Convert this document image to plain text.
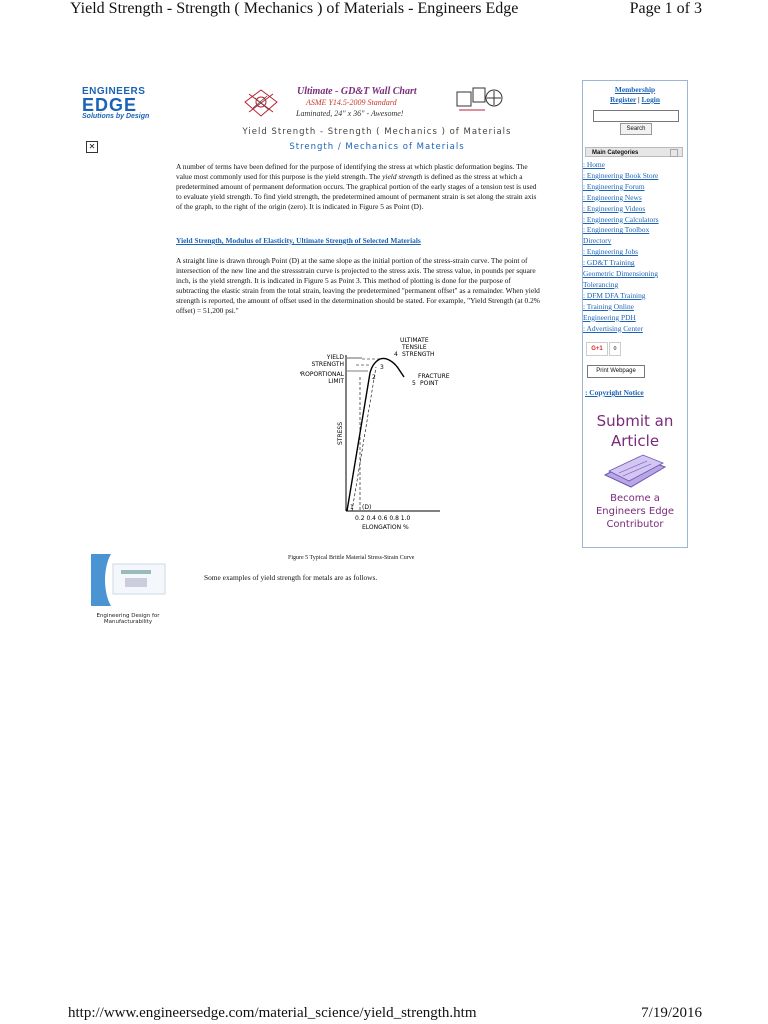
Yield Strength - Strength ( Mechanics ) of Materials - Engineers Edge	Page 1 of 3
ENGINEERS
EDGE
Solutions by Design
✕
Ultimate - GD&T Wall Chart
ASME Y14.5-2009 Standard
Laminated, 24" x 36" - Awesome!
Yield Strength - Strength ( Mechanics ) of Materials
Strength / Mechanics of Materials
A number of terms have been defined for the purpose of identifying the stress at which plastic deformation begins. The value most commonly used for this purpose is the yield strength. The yield strength is defined as the stress at which a predetermined amount of permanent deformation occurs. The graphical portion of the early stages of a tension test is used to evaluate yield strength. To find yield strength, the predetermined amount of permanent strain is set along the strain axis of the graph, to the right of the origin (zero). It is indicated in Figure 5 as Point (D).
Yield Strength, Modulus of Elasticity, Ultimate Strength of Selected Materials
A straight line is drawn through Point (D) at the same slope as the initial portion of the stress-strain curve. The point of intersection of the new line and the stressstrain curve is projected to the stress axis. The stress value, in pounds per square inch, is the yield strength. It is indicated in Figure 5 as Point 3. This method of plotting is done for the purpose of subtracting the elastic strain from the total strain, leaving the predetermined "permanent offset" as a remainder. When yield strength is reported, the amount of offset used in the determination should be stated. For example, "Yield Strength (at 0.2% offset) = 51,200 psi."
YIELD
STRENGTH
PROPORTIONAL
LIMIT
ULTIMATE
TENSILE
STRENGTH
FRACTURE
POINT
STRESS
1
2
3
4
5
(D)
0.2 0.4 0.6 0.8 1.0
ELONGATION %
Figure 5 Typical Brittle Material Stress-Strain Curve
Engineering Design for
Manufacturability
Some examples of yield strength for metals are as follows.
Membership
Register | Login
Search
Main Categories
: Home
: Engineering Book Store
: Engineering Forum
: Engineering News
: Engineering Videos
: Engineering Calculators
: Engineering Toolbox
Directory
: Engineering Jobs
: GD&T Training
Geometric Dimensioning
Tolerancing
: DFM DFA Training
: Training Online
Engineering PDH
: Advertising Center
G+1	0
Print Webpage
: Copyright Notice
Submit an
Article
Become a
Engineers Edge
Contributor
http://www.engineersedge.com/material_science/yield_strength.htm	7/19/2016
